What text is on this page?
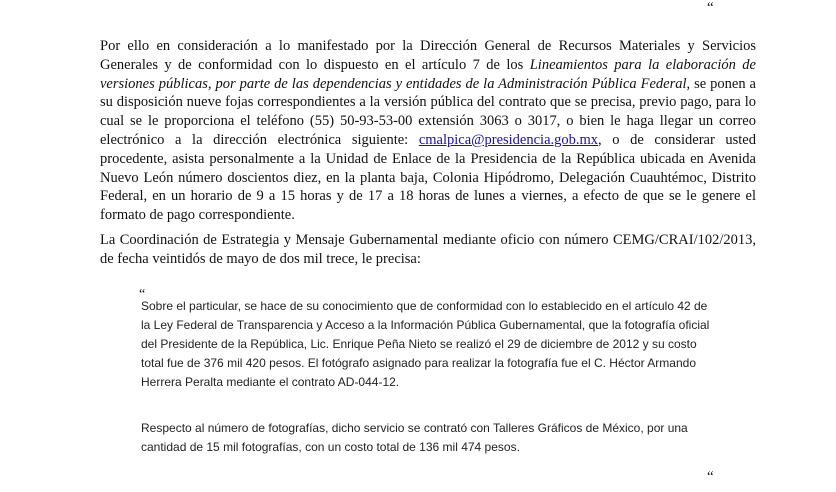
“

Por ello en consideración a lo manifestado por la Dirección General de Recursos Materiales y Servicios Generales y de conformidad con lo dispuesto en el artículo 7 de los Lineamientos para la elaboración de versiones públicas, por parte de las dependencias y entidades de la Administración Pública Federal, se ponen a su disposición nueve fojas correspondientes a la versión pública del contrato que se precisa, previo pago, para lo cual se le proporciona el teléfono (55) 50-93-53-00 extensión 3063 o 3017, o bien le haga llegar un correo electrónico a la dirección electrónica siguiente: cmalpica@presidencia.gob.mx, o de considerar usted procedente, asista personalmente a la Unidad de Enlace de la Presidencia de la República ubicada en Avenida Nuevo León número doscientos diez, en la planta baja, Colonia Hipódromo, Delegación Cuauhtémoc, Distrito Federal, en un horario de 9 a 15 horas y de 17 a 18 horas de lunes a viernes, a efecto de que se le genere el formato de pago correspondiente.

La Coordinación de Estrategia y Mensaje Gubernamental mediante oficio con número CEMG/CRAI/102/2013, de fecha veintidós de mayo de dos mil trece, le precisa:

“

Sobre el particular, se hace de su conocimiento que de conformidad con lo establecido en el artículo 42 de la Ley Federal de Transparencia y Acceso a la Información Pública Gubernamental, que la fotografía oficial del Presidente de la República, Lic. Enrique Peña Nieto se realizó el 29 de diciembre de 2012 y su costo total fue de 376 mil 420 pesos. El fotógrafo asignado para realizar la fotografía fue el C. Héctor Armando Herrera Peralta mediante el contrato AD-044-12.

Respecto al número de fotografías, dicho servicio se contrató con Talleres Gráficos de México, por una cantidad de 15 mil fotografías, con un costo total de 136 mil 474 pesos.

“
